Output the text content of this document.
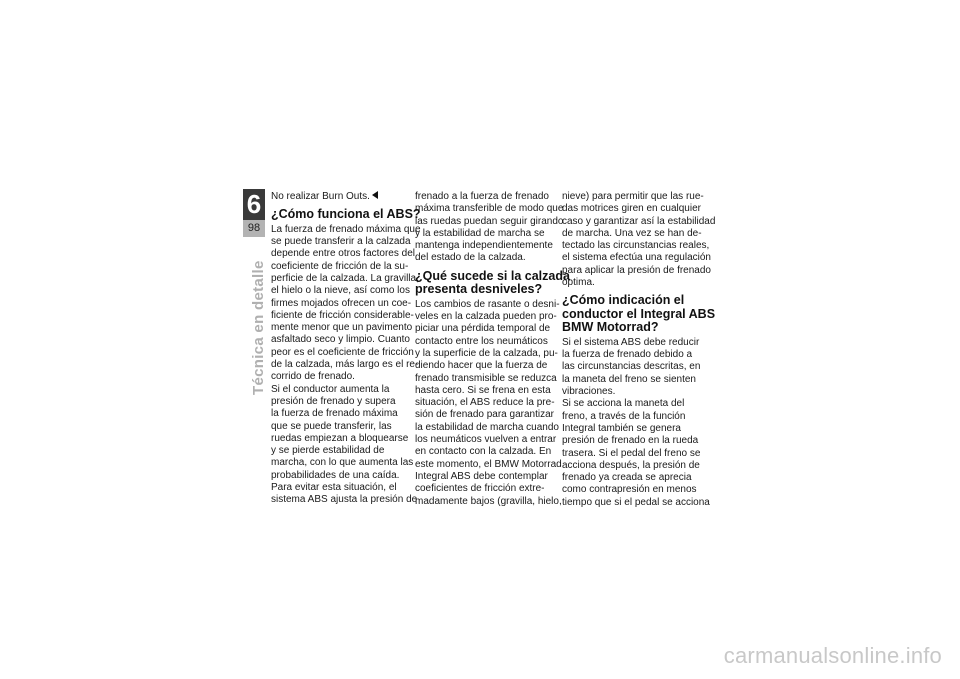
6
98
Técnica en detalle

No realizar Burn Outs.

¿Cómo funciona el ABS?

La fuerza de frenado máxima que

se puede transferir a la calzada

depende entre otros factores del

coeficiente de fricción de la su-

perficie de la calzada. La gravilla,

el hielo o la nieve, así como los

firmes mojados ofrecen un coe-

ficiente de fricción considerable-

mente menor que un pavimento

asfaltado seco y limpio. Cuanto

peor es el coeficiente de fricción

de la calzada, más largo es el re-

corrido de frenado.

Si el conductor aumenta la

presión de frenado y supera

la fuerza de frenado máxima

que se puede transferir, las

ruedas empiezan a bloquearse

y se pierde estabilidad de

marcha, con lo que aumenta las

probabilidades de una caída.

Para evitar esta situación, el

sistema ABS ajusta la presión de

frenado a la fuerza de frenado

máxima transferible de modo que

las ruedas puedan seguir girando

y la estabilidad de marcha se

mantenga independientemente

del estado de la calzada.

¿Qué sucede si la calzada
presenta desniveles?

Los cambios de rasante o desni-

veles en la calzada pueden pro-

piciar una pérdida temporal de

contacto entre los neumáticos

y la superficie de la calzada, pu-

diendo hacer que la fuerza de

frenado transmisible se reduzca

hasta cero. Si se frena en esta

situación, el ABS reduce la pre-

sión de frenado para garantizar

la estabilidad de marcha cuando

los neumáticos vuelven a entrar

en contacto con la calzada. En

este momento, el BMW Motorrad

Integral ABS debe contemplar

coeficientes de fricción extre-

madamente bajos (gravilla, hielo,

nieve) para permitir que las rue-

das motrices giren en cualquier

caso y garantizar así la estabilidad

de marcha. Una vez se han de-

tectado las circunstancias reales,

el sistema efectúa una regulación

para aplicar la presión de frenado

óptima.

¿Cómo indicación el
conductor el Integral ABS
BMW Motorrad?

Si el sistema ABS debe reducir

la fuerza de frenado debido a

las circunstancias descritas, en

la maneta del freno se sienten

vibraciones.

Si se acciona la maneta del

freno, a través de la función

Integral también se genera

presión de frenado en la rueda

trasera. Si el pedal del freno se

acciona después, la presión de

frenado ya creada se aprecia

como contrapresión en menos

tiempo que si el pedal se acciona

carmanualsonline.info
